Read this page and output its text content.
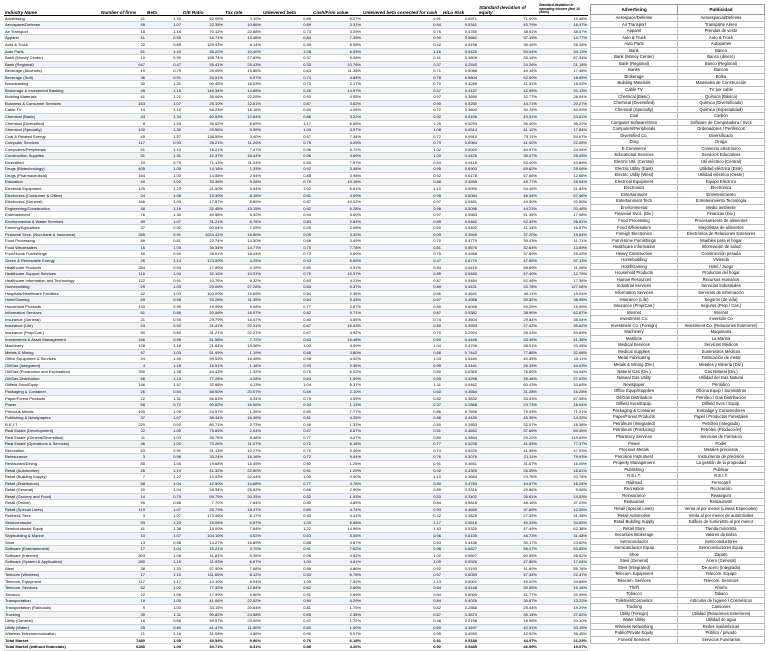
Industry Name	Number of firms	Beta	D/E Ratio	Tax rate	Unlevered beta	Cash/Firm value	Unlevered beta corrected for cash	HiLo Risk	Standard deviation of equity	Standard deviation in operating income (last 10 years)
Advertising	41	1.34	52.05%	3.10%	0.89	6.27%	0.91	0.6971	71.00%	19.46%
Aerospace/Defense	95	1.07	22.35%	10.86%	0.89	3.31%	0.94	0.5341	40.79%	16.47%
Air Transport	18	1.14	70.12%	22.88%	0.73	4.29%	0.76	0.4780	38.61%	38.57%
Apparel	51	0.95	16.71%	13.46%	0.84	7.39%	0.90	0.5682	37.15%	14.77%
Auto & Truck	22	0.85	125.43%	6.14%	0.39	8.58%	0.42	0.5158	38.45%	26.18%
Auto Parts	61	1.43	35.22%	10.40%	1.08	6.53%	1.16	0.5420	50.04%	34.13%
Bank (Money Center)	10	0.90	196.74%	27.89%	0.37	9.08%	0.41	0.3809	35.16%	87.34%
Bank (Regional)	647	0.47	55.41%	25.43%	0.33	10.76%	0.37	0.2540	24.26%	21.18%
Beverage (Alcoholic)	19	0.79	29.05%	15.86%	0.63	11.38%	0.71	0.5088	44.16%	17.48%
Beverage (Soft)	36	0.91	24.51%	6.97%	0.74	4.84%	0.78	0.5604	52.00%	18.65%
Broadcasting	30	1.32	90.45%	16.53%	0.73	2.17%	0.70	0.4289	41.51%	18.53%
Brokerage & Investment Banking	45	1.15	149.34%	14.85%	0.49	14.97%	0.47	0.4137	42.95%	20.13%
Building Materials	41	1.21	35.06%	22.29%	0.93	4.05%	0.97	0.3690	32.77%	28.04%
Business & Consumer Services	163	1.07	25.10%	12.61%	0.87	3.62%	0.90	0.5250	44.71%	20.27%
Cable TV	14	1.12	68.23%	18.16%	0.69	4.05%	0.72	0.3600	30.76%	40.09%
Chemical (Basic)	43	1.34	60.53%	12.84%	0.86	3.22%	0.92	0.5106	43.01%	23.61%
Chemical (Diversified)	8	1.53	35.52%	8.69%	1.17	6.56%	1.25	0.5293	36.40%	36.22%
Chemical (Specialty)	100	1.30	29.56%	9.59%	1.04	3.97%	1.08	0.6514	41.12%	17.84%
Coal & Related Energy	45	1.57	138.55%	3.40%	0.67	7.34%	0.72	0.5910	75.11%	54.67%
Computer Services	117	0.93	28.21%	11.26%	0.75	4.29%	0.79	0.6064	41.92%	22.05%
Computers/Peripherals	61	1.10	16.21%	7.47%	0.96	5.72%	1.02	0.6000	40.97%	24.04%
Construction Supplies	51	1.31	42.37%	16.44%	0.96	4.69%	1.00	0.4426	35.07%	28.05%
Diversified	24	0.79	71.13%	11.24%	0.50	7.97%	0.54	0.6118	53.40%	43.89%
Drugs (Biotechnology)	405	1.05	14.16%	1.33%	0.92	3.48%	0.95	0.6903	69.62%	25.06%
Drugs (Pharmaceutical)	164	1.00	14.58%	2.54%	0.88	3.98%	0.92	0.6178	67.66%	12.66%
Education	40	1.02	33.36%	9.28%	0.79	10.16%	0.88	0.4995	49.77%	25.54%
Electrical Equipment	125	1.23	21.50%	5.54%	1.02	6.61%	1.10	0.5990	54.45%	21.83%
Electronics (Consumer & Office)	24	1.08	19.39%	8.15%	0.91	3.99%	0.95	0.6084	46.34%	67.46%
Electronics (General)	166	1.00	17.87%	8.89%	0.87	10.02%	0.97	0.5481	44.30%	20.50%
Engineering/Construction	48	1.18	32.48%	15.15%	0.92	6.28%	0.98	0.5096	44.23%	20.48%
Entertainment	76	1.30	40.58%	5.92%	0.94	3.60%	0.97	0.5983	51.36%	17.08%
Environmental & Waste Services	89	1.07	31.21%	6.76%	0.83	2.83%	0.85	0.5482	52.32%	26.81%
Farming/Agriculture	37	0.92	60.04%	7.09%	0.59	2.98%	0.60	0.5492	41.14%	16.57%
Financial Svcs. (Non-bank & Insurance)	265	0.91	1024.42%	18.80%	0.09	3.32%	0.09	0.3940	37.20%	19.64%
Food Processing	89	0.81	22.74%	14.50%	0.68	3.49%	0.70	0.4779	39.43%	11.71%
Food Wholesalers	16	1.00	36.34%	14.77%	0.75	7.78%	0.81	0.5676	32.64%	13.89%
Furn/Home Furnishings	30	0.90	28.01%	18.44%	0.73	3.69%	0.75	0.4568	37.69%	25.43%
Green & Renewable Energy	26	1.14	174.59%	4.25%	0.43	6.65%	0.47	0.6770	47.85%	97.13%
Healthcare Products	254	0.94	17.89%	4.19%	0.80	3.91%	0.84	0.6416	58.89%	11.08%
Healthcare Support Services	116	1.04	32.16%	10.31%	0.79	10.37%	0.89	0.5480	47.40%	12.75%
Healthcare Information and Technology	122	0.91	10.76%	6.32%	0.83	4.23%	0.87	0.5484	52.48%	17.38%
Homebuilding	29	1.03	29.05%	27.28%	0.84	5.37%	0.89	0.4431	33.78%	127.06%
Hospitals/Healthcare Facilities	42	1.03	103.09%	15.69%	0.54	2.35%	0.56	0.4641	40.11%	15.04%
Hotel/Gaming	69	0.98	53.28%	11.35%	0.64	5.43%	0.67	0.4958	39.32%	38.95%
Household Products	133	0.90	19.99%	9.08%	0.77	2.87%	0.80	0.6008	59.25%	15.50%
Information Services	61	0.86	20.06%	16.57%	0.82	5.71%	0.87	0.5382	38.99%	62.87%
Insurance (General)	21	0.95	29.79%	16.47%	0.80	4.55%	0.74	0.3604	29.54%	35.04%
Insurance (Life)	24	0.92	21.41%	22.31%	0.67	16.53%	0.80	0.3933	27.42%	35.62%
Insurance (Prop/Cas.)	50	0.80	31.21%	22.27%	0.67	4.92%	0.70	0.2924	28.43%	83.89%
Investments & Asset Management	166	0.95	61.58%	7.72%	0.63	15.48%	0.69	0.4446	33.45%	41.38%
Machinery	128	1.18	21.64%	15.36%	1.00	4.09%	1.04	0.4706	38.01%	20.45%
Metals & Mining	97	1.03	51.99%	1.19%	0.68	3.80%	0.68	0.7442	77.88%	32.68%
Office Equipment & Services	24	1.49	59.53%	16.48%	0.98	4.92%	1.03	0.5180	40.35%	15.11%
Oil/Gas (Integrated)	4	1.18	16.51%	1.16%	0.93	2.35%	0.95	0.3161	26.33%	44.03%
Oil/Gas (Production and Exploration)	330	1.38	84.43%	1.32%	0.75	6.02%	0.80	0.6365	76.80%	54.94%
Oil/Gas Distribution	66	1.13	77.28%	4.28%	0.64	1.59%	0.65	0.4298	39.48%	27.03%
Oilfield Svcs/Equip.	146	1.57	32.88%	4.13%	1.04	6.37%	1.11	0.6462	60.43%	33.65%
Packaging & Container	26	0.94	58.50%	20.07%	0.59	2.10%	0.60	0.3654	31.28%	16.28%
Paper/Forest Products	22	1.31	56.63%	8.34%	0.79	4.59%	0.82	0.3832	33.93%	67.98%
Power	68	0.72	90.82%	16.56%	0.34	1.13%	0.37	0.2868	23.73%	18.04%
Precious Metals	105	1.05	24.57%	1.26%	0.80	7.77%	0.86	0.7696	79.93%	71.21%
Publishing & Newspapers	37	1.07	38.44%	16.36%	0.81	4.25%	0.86	0.4430	45.35%	14.32%
R.E.I.T.	220	0.92	80.71%	2.73%	0.48	1.33%	0.50	0.2853	32.07%	16.38%
Real Estate (Development)	22	1.00	75.65%	2.04%	0.47	5.67%	0.51	0.4652	37.65%	59.45%
Real Estate (General/Diversified)	11	1.03	36.75%	8.48%	0.77	3.47%	0.80	0.3854	29.22%	119.69%
Real Estate (Operations & Services)	46	1.00	73.26%	11.07%	0.72	6.18%	0.77	0.5238	41.53%	77.37%
Recreation	63	0.91	31.13%	10.27%	0.70	5.06%	0.74	0.5225	41.55%	47.03%
Reinsurance	3	0.96	33.24%	16.16%	0.72	9.44%	0.76	0.3076	21.11%	79.93%
Restaurant/Dining	85	1.05	19.68%	15.45%	0.90	1.26%	0.91	0.4651	31.67%	16.09%
Retail (Automotive)	26	1.19	41.32%	22.80%	0.91	1.29%	0.92	0.4305	26.05%	18.81%
Retail (Building Supply)	7	1.22	13.53%	22.44%	1.09	0.90%	1.10	0.3684	23.76%	20.78%
Retail (Distributors)	88	1.04	42.50%	14.88%	0.77	3.78%	0.80	0.4783	44.87%	16.24%
Retail (General)	20	1.04	28.34%	25.62%	0.86	2.90%	0.89	0.3316	29.86%	9.46%
Retail (Grocery and Food)	14	0.75	59.79%	20.25%	0.52	1.93%	0.53	0.3402	26.61%	14.53%
Retail (Online)	59	0.85	7.70%	7.84%	0.80	4.85%	0.84	0.5818	48.16%	37.23%
Retail (Special Lines)	119	1.07	25.73%	18.47%	0.89	4.74%	0.93	0.4655	37.89%	12.05%
Rubber& Tires	3	1.07	173.46%	6.17%	0.40	4.41%	0.42	0.3829	27.39%	31.48%
Semiconductor	93	1.23	15.08%	6.87%	1.09	6.68%	1.17	0.5616	40.33%	34.65%
Semiconductor Equip	41	1.38	14.00%	7.64%	1.22	14.96%	1.43	0.5325	47.49%	62.38%
Shipbuilding & Marine	10	1.07	104.16%	4.02%	0.53	5.35%	0.56	0.6105	46.73%	31.48%
Shoe	13	0.98	14.27%	16.89%	0.88	4.87%	0.93	0.4436	30.17%	23.60%
Software (Entertainment)	17	1.04	15.21%	3.70%	0.91	7.62%	0.98	0.6627	56.07%	53.85%
Software (Internet)	303	1.08	11.81%	5.35%	0.98	3.82%	1.02	0.6607	60.55%	26.62%
Software (System & Application)	280	1.15	11.93%	6.67%	1.04	4.81%	1.09	0.5926	47.85%	17.04%
Steel	38	1.33	57.90%	7.68%	0.88	4.86%	0.92	0.5193	41.69%	55.78%
Telecom (Wireless)	17	1.10	111.65%	6.12%	0.53	6.76%	0.57	0.6059	47.34%	22.47%
Telecom. Equipment	117	1.17	14.10%	6.04%	1.05	7.52%	1.13	0.6001	49.02%	34.68%
Telecom. Services	62	1.02	77.32%	12.84%	0.62	2.80%	0.64	0.5148	39.55%	15.16%
Tobacco	22	1.06	17.39%	5.80%	0.91	2.69%	0.94	0.6000	51.77%	20.39%
Transportation	19	1.05	41.06%	22.52%	0.80	4.29%	0.84	0.4026	30.87%	13.22%
Transportation (Railroads)	9	1.03	33.15%	20.84%	0.81	1.75%	0.82	0.2868	25.44%	19.29%
Trucking	30	1.11	90.82%	24.58%	0.65	2.35%	0.67	0.3874	35.14%	27.62%
Utility (General)	18	0.66	59.57%	23.00%	0.47	1.72%	0.48	0.2158	18.98%	20.10%
Utility (Water)	25	0.80	41.47%	11.50%	0.60	1.00%	0.60	0.3497	40.51%	33.15%
Wireless Telecommunication	21	1.16	31.08%	4.56%	0.90	5.07%	0.95	0.4930	42.92%	36.45%
Total Market	7480	1.05	45.54%	9.96%	0.76	6.18%	0.81	0.5188	44.97%	21.23%
Total Market (without financials)	6280	1.09	30.71%	8.31%	0.88	4.20%	0.92	0.5485	46.99%	19.07%
Advertising	Publicidad
Aerospace/Defense	Aeroespacial/Defensa
Air Transport	Transporte Aéreo
Apparel	Prendas de vestir
Auto & Truck	Auto & Truck
Auto Parts	Autopartes
Bank	Banco
Bank (Money Center)	Banco (dinero)
Bank (Regional)	Banco (Regional)
Banks	Bancos
Brokerage	Bolsa
Building Materials	Materiales de Construcción
Cable TV	TV por cable
Chemical (Basic)	Química (Básica)
Chemical (Diversified)	Química (Diversificado)
Chemical (Specialty)	Química (Especialidad)
Coal	Carbón
Computer Software/Svcs	Software de Computadora / Svcs
Computers/Peripherals	Ordenadores / Periféricos
Diversified Co.	Diversificado
Drug	Droga
E-Commerce	Comercio electrónico
Educational Services	Servicios Educativos
Electric Util. (Central)	Util eléctrico (Central)
Electric Utility (East)	Utilidad eléctrica (Este)
Electric Utility (West)	Utilidad eléctrica (Oeste)
Electrical Equipment	Equipo Eléctrico
Electronics	Electrónica
Entertainment	Entretenimiento
Entertainment Tech	Entretenimiento Tecnología
Environmental	Medio ambiente
Financial Svcs. (Div.)	Finanzas (Div.)
Food Processing	Procesamiento de alimentos
Food Wholesalers	Mayoristas de alimentos
Foreign Electronics	Electrónica de Relaciones Exteriores
Furn/Home Furnishings	Muebles para el hogar
Healthcare Information	Información de salud
Heavy Construction	Construcción pesada
Homebuilding	Vivienda
Hotel/Gaming	Hotel / Juego
Household Products	Productos del hogar
Human Resources	Recursos Humanos
Industrial Services	Servicios Industriales
Information Services	Servicios de información
Insurance (Life)	Seguros (de vida)
Insurance (Prop/Cas.)	Seguros (Prop / Cas.)
Internet	Internet
Investment Co.	Inversión Co
Investment Co. (Foreign)	Investment Co. (Relaciones Exteriores)
Machinery	Maquinaria
Maritime	La Marina
Medical Services	Servicios Médicos
Medical Supplies	Suministros Médicos
Metal Fabricating	Fabricación de metal
Metals & Mining (Div.)	Metales y Minería (Div.)
Natural Gas (Div.)	Gas Natural (Div.)
Natural Gas Utility	Utilidad del Gas Natural
Newspaper	Periódico
Office Equip/Supplies	Oficina Equip / Suministros
Oil/Gas Distribution	Petróleo / Gas Distribución
Oilfield Svcs/Equip.	Oilfield Svcs / Equip.
Packaging & Container	Embalaje y Contenedores
Paper/Forest Products	Papel / Productos Forestales
Petroleum (Integrated)	Petróleo (Integrado)
Petroleum (Producing)	Petróleo (Producción)
Pharmacy Services	Servicios de Farmacia
Power	Poder
Precious Metals	Metales preciosos
Precision Instrument	Instrumento de precisión
Property Management	La gestión de la propiedad
Publishing	Publicar
R.E.I.T.	R.E.I.T.
Railroad	Ferrocarril
Recreation	Recreación
Reinsurance	Reaseguro
Restaurant	Restaurante
Retail (Special Lines)	Venta al por menor (Lineas Especiales)
Retail Automotive	Venta al por menor de automóviles
Retail Building Supply	Edificio de suministro al por menor
Retail Store	Tienda minorista
Securities Brokerage	Valores de Bolsa
Semiconductor	Semiconductores
Semiconductor Equip	Semiconductores Equip
Shoe	Zapato
Steel (General)	Acero (General)
Steel (Integrated)	De acero (Integrado)
Telecom. Equipment	Telecom. Equipo
Telecom. Services	Telecom. Servicios
Thrift	Ahorro
Tobacco	Tabaco
Toiletries/Cosmetics	Artículos de higiene / Cosméticos
Trucking	Camiones
Utility (Foreign)	Utilidad (Relaciones Exteriores)
Water Utility	Utilidad de agua
Wireless Networking	Redes inalámbricas
Public/Private Equity	Público / privado
Funeral Services	Servicios Funerarios
